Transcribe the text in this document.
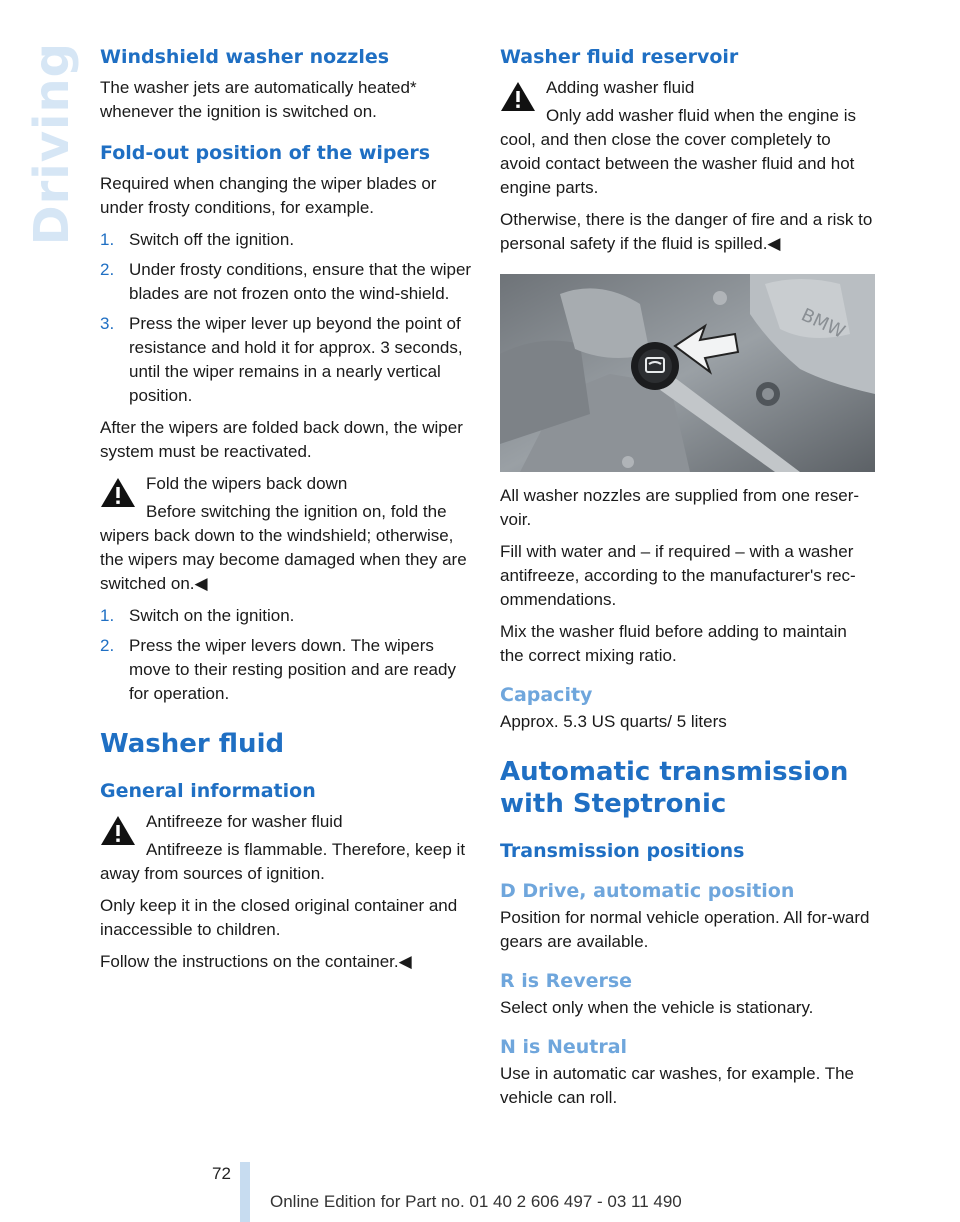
Driving Windshield washer nozzles

The washer jets are automatically heated* whenever the ignition is switched on.

Fold-out position of the wipers

Required when changing the wiper blades or under frosty conditions, for example.

1. Switch off the ignition.
2. Under frosty conditions, ensure that the wiper blades are not frozen onto the wind-shield.
3. Press the wiper lever up beyond the point of resistance and hold it for approx. 3 seconds, until the wiper remains in a nearly vertical position.

After the wipers are folded back down, the wiper system must be reactivated.

Fold the wipers back down

Before switching the ignition on, fold the wipers back down to the windshield; otherwise, the wipers may become damaged when they are switched on.◀

1. Switch on the ignition.
2. Press the wiper levers down. The wipers move to their resting position and are ready for operation.
Washer fluid
General information

Antifreeze for washer fluid

Antifreeze is flammable. Therefore, keep it away from sources of ignition.

Only keep it in the closed original container and inaccessible to children.

Follow the instructions on the container.◀

Washer fluid reservoir

Adding washer fluid

Only add washer fluid when the engine is cool, and then close the cover completely to avoid contact between the washer fluid and hot engine parts.

Otherwise, there is the danger of fire and a risk to personal safety if the fluid is spilled.◀

BMW

All washer nozzles are supplied from one reser-voir.

Fill with water and – if required – with a washer antifreeze, according to the manufacturer's rec-ommendations.

Mix the washer fluid before adding to maintain the correct mixing ratio.

Capacity

Approx. 5.3 US quarts/ 5 liters

Automatic transmission with Steptronic
Transmission positions
D Drive, automatic position

Position for normal vehicle operation. All for-ward gears are available.

R is Reverse

Select only when the vehicle is stationary.

N is Neutral

Use in automatic car washes, for example. The vehicle can roll.

72
Online Edition for Part no. 01 40 2 606 497 - 03 11 490
